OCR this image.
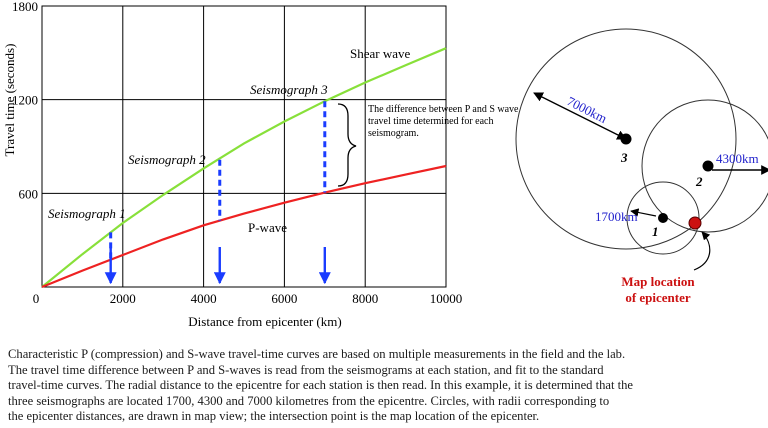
2000	4000	6000	8000	10000
600
1200
1800
0
Distance from epicenter (km)
Travel time (seconds)	Shear wave
P-wave
Seismograph 1
Seismograph 2
Seismograph 3
The difference between P and S wave travel time determined for each seismogram.
3
2
1
7000km
4300km
1700km
Map location
of epicenter

Characteristic P (compression) and S-wave travel-time curves are based on multiple measurements in the field and the lab.
The travel time difference between P and S-waves is read from the seismograms at each station, and fit to the standard
travel-time curves. The radial distance to the epicentre for each station is then read. In this example, it is determined that the
three seismographs are located 1700, 4300 and 7000 kilometres from the epicentre. Circles, with radii corresponding to
the epicenter distances, are drawn in map view; the intersection point is the map location of the epicenter.
